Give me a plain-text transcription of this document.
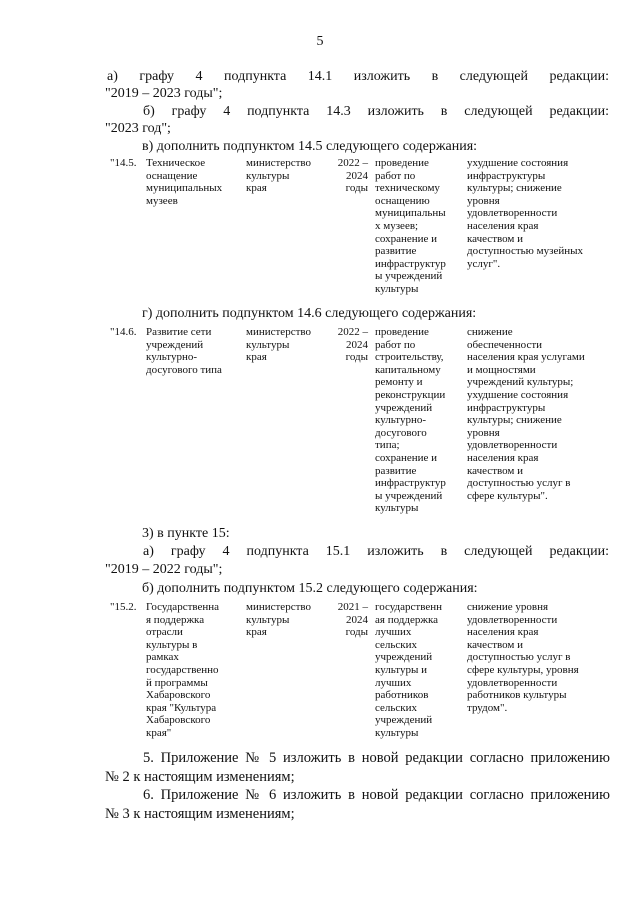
5
а) графу 4 подпункта 14.1 изложить в следующей редакции:
"2019 – 2023 годы";
б) графу 4 подпункта 14.3 изложить в следующей редакции:
"2023 год";
в) дополнить подпунктом 14.5 следующего содержания:
"14.5. Техническое
оснащение
муниципальных
музеев
министерство
культуры
края
2022 –
2024
годы
проведение
работ по
техническому
оснащению
муниципальны
х музеев;
сохранение и
развитие
инфраструктур
ы учреждений
культуры
ухудшение состояния
инфраструктуры
культуры; снижение
уровня
удовлетворенности
населения края
качеством и
доступностью музейных
услуг".
г) дополнить подпунктом 14.6 следующего содержания:
"14.6. Развитие сети
учреждений
культурно-
досугового типа
министерство
культуры
края
2022 –
2024
годы
проведение
работ по
строительству,
капитальному
ремонту и
реконструкции
учреждений
культурно-
досугового
типа;
сохранение и
развитие
инфраструктур
ы учреждений
культуры
снижение
обеспеченности
населения края услугами
и мощностями
учреждений культуры;
ухудшение состояния
инфраструктуры
культуры; снижение
уровня
удовлетворенности
населения края
качеством и
доступностью услуг в
сфере культуры".
3) в пункте 15:
а) графу 4 подпункта 15.1 изложить в следующей редакции:
"2019 – 2022 годы";
б) дополнить подпунктом 15.2 следующего содержания:
"15.2. Государственна
я поддержка
отрасли
культуры в
рамках
государственно
й программы
Хабаровского
края "Культура
Хабаровского
края"
министерство
культуры
края
2021 –
2024
годы
государственн
ая поддержка
лучших
сельских
учреждений
культуры и
лучших
работников
сельских
учреждений
культуры
снижение уровня
удовлетворенности
населения края
качеством и
доступностью услуг в
сфере культуры, уровня
удовлетворенности
работников культуры
трудом".
5. Приложение № 5 изложить в новой редакции согласно приложению
№ 2 к настоящим изменениям;
6. Приложение № 6 изложить в новой редакции согласно приложению
№ 3 к настоящим изменениям;
